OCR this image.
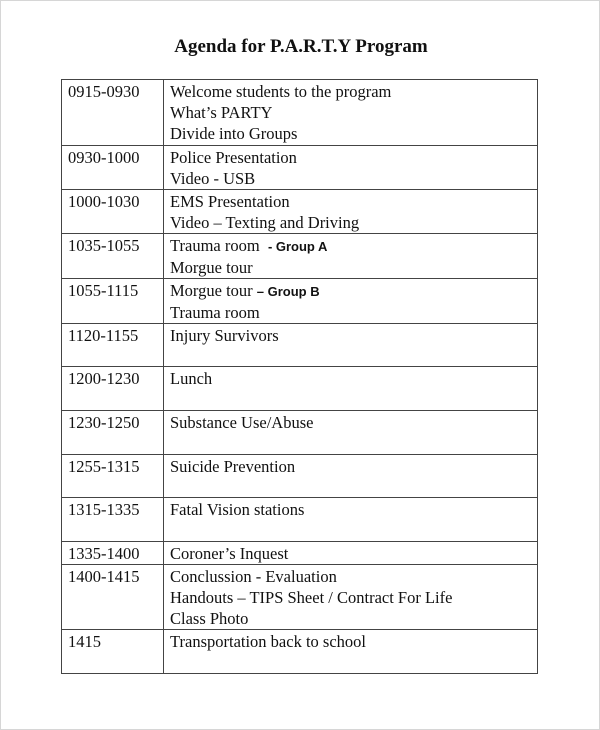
Agenda for P.A.R.T.Y Program
0915-0930	Welcome students to the program
What’s PARTY
Divide into Groups

0930-1000	Police Presentation
Video - USB

1000-1030	EMS Presentation
Video – Texting and Driving

1035-1055	Trauma room  - Group A
Morgue tour

1055-1115	Morgue tour – Group B
Trauma room

1120-1155	Injury Survivors

1200-1230	Lunch

1230-1250	Substance Use/Abuse

1255-1315	Suicide Prevention

1315-1335	Fatal Vision stations

1335-1400	Coroner’s Inquest

1400-1415	Conclussion - Evaluation
Handouts – TIPS Sheet / Contract For Life
Class Photo

1415	Transportation back to school
